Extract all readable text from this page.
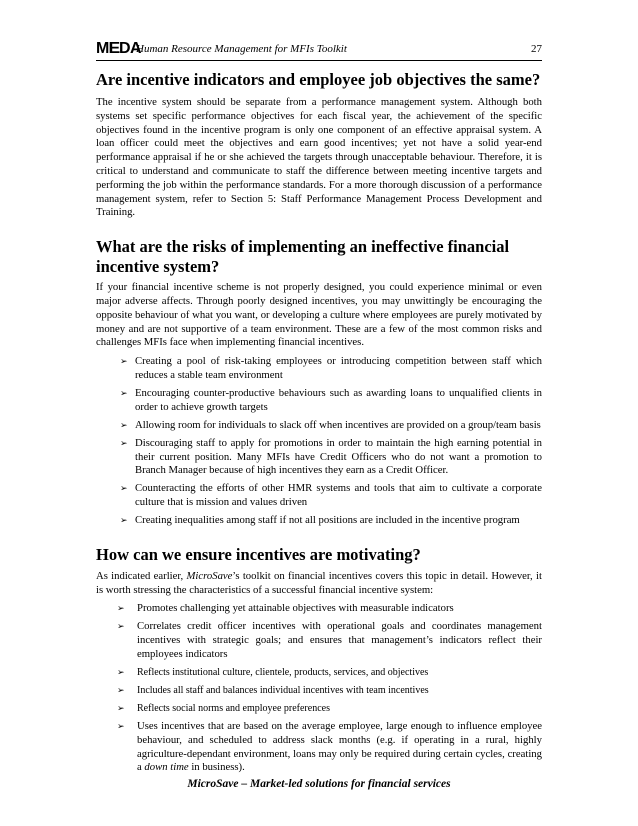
MEDA
Human Resource Management for MFIs Toolkit	27
Are incentive indicators and employee job objectives the same?

The incentive system should be separate from a performance management system. Although both systems set specific performance objectives for each fiscal year, the achievement of the specific objectives found in the incentive program is only one component of an effective appraisal system. A loan officer could meet the objectives and earn good incentives; yet not have a solid year-end performance appraisal if he or she achieved the targets through unacceptable behaviour. Therefore, it is critical to understand and communicate to staff the difference between meeting incentive targets and performing the job within the performance standards. For a more thorough discussion of a performance management system, refer to Section 5: Staff Performance Management Process Development and Training.

What are the risks of implementing an ineffective financial incentive system?

If your financial incentive scheme is not properly designed, you could experience minimal or even major adverse affects. Through poorly designed incentives, you may unwittingly be encouraging the opposite behaviour of what you want, or developing a culture where employees are purely motivated by money and are not supportive of a team environment. These are a few of the most common risks and challenges MFIs face when implementing financial incentives.

➢ Creating a pool of risk-taking employees or introducing competition between staff which reduces a stable team environment
➢ Encouraging counter-productive behaviours such as awarding loans to unqualified clients in order to achieve growth targets
➢ Allowing room for individuals to slack off when incentives are provided on a group/team basis
➢ Discouraging staff to apply for promotions in order to maintain the high earning potential in their current position. Many MFIs have Credit Officers who do not want a promotion to Branch Manager because of high incentives they earn as a Credit Officer.
➢ Counteracting the efforts of other HMR systems and tools that aim to cultivate a corporate culture that is mission and values driven
➢ Creating inequalities among staff if not all positions are included in the incentive program
How can we ensure incentives are motivating?

As indicated earlier, MicroSave’s toolkit on financial incentives covers this topic in detail. However, it is worth stressing the characteristics of a successful financial incentive system:

➢ Promotes challenging yet attainable objectives with measurable indicators
➢ Correlates credit officer incentives with operational goals and coordinates management incentives with strategic goals; and ensures that management’s indicators reflect their employees indicators
➢ Reflects institutional culture, clientele, products, services, and objectives
➢ Includes all staff and balances individual incentives with team incentives
➢ Reflects social norms and employee preferences
➢ Uses incentives that are based on the average employee, large enough to influence employee behaviour, and scheduled to address slack months (e.g. if operating in a rural, highly agriculture-dependant environment, loans may only be required during certain cycles, creating a down time in business).
MicroSave – Market-led solutions for financial services
